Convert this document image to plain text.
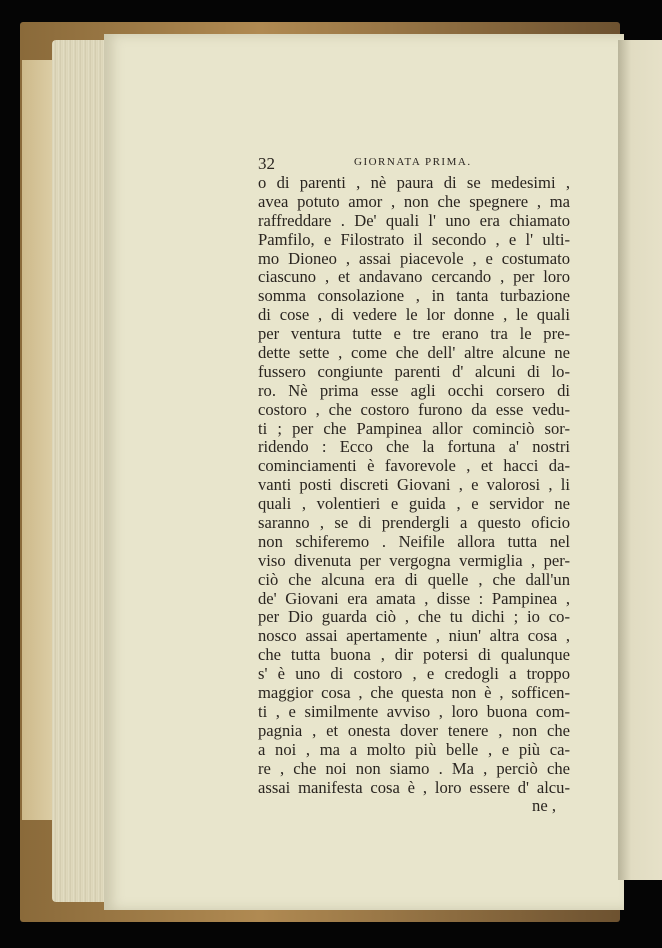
32	GIORNATA PRIMA.
o di parenti , nè paura di se medesimi ,
avea potuto amor , non che spegnere , ma
raffreddare . De' quali l' uno era chiamato
Pamfilo, e Filostrato il secondo , e l' ulti-
mo Dioneo , assai piacevole , e costumato
ciascuno , et andavano cercando , per loro
somma consolazione , in tanta turbazione
di cose , di vedere le lor donne , le quali
per ventura tutte e tre erano tra le pre-
dette sette , come che dell' altre alcune ne
fussero congiunte parenti d' alcuni di lo-
ro. Nè prima esse agli occhi corsero di
costoro , che costoro furono da esse vedu-
ti ; per che Pampinea allor cominciò sor-
ridendo : Ecco che la fortuna a' nostri
cominciamenti è favorevole , et hacci da-
vanti posti discreti Giovani , e valorosi , li
quali , volentieri e guida , e servidor ne
saranno , se di prendergli a questo oficio
non schiferemo . Neifile allora tutta nel
viso divenuta per vergogna vermiglia , per-
ciò che alcuna era di quelle , che dall'un
de' Giovani era amata , disse : Pampinea ,
per Dio guarda ciò , che tu dichi ; io co-
nosco assai apertamente , niun' altra cosa ,
che tutta buona , dir potersi di qualunque
s' è uno di costoro , e credogli a troppo
maggior cosa , che questa non è , sofficen-
ti , e similmente avviso , loro buona com-
pagnia , et onesta dover tenere , non che
a noi , ma a molto più belle , e più ca-
re , che noi non siamo . Ma , perciò che
assai manifesta cosa è , loro essere d' alcu-
ne ,
